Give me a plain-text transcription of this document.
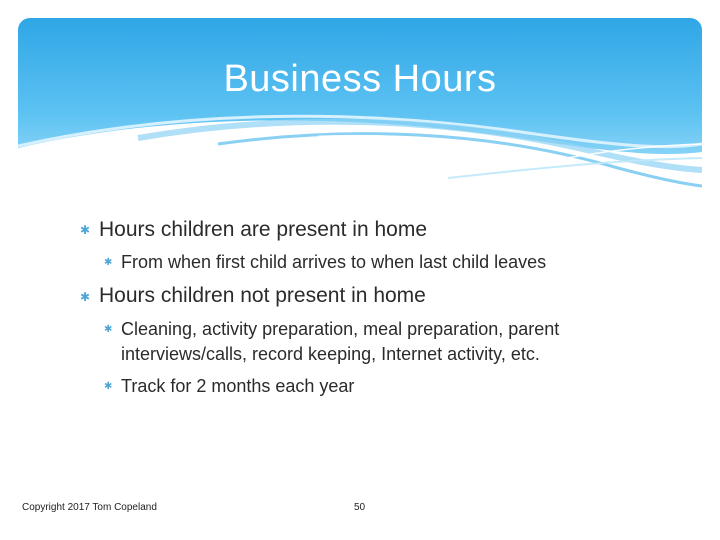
Business Hours
✱ Hours children are present in home
✱ From when first child arrives to when last child leaves
✱ Hours children not present in home
✱ Cleaning, activity preparation, meal preparation, parent
interviews/calls, record keeping, Internet activity, etc.
✱ Track for 2 months each year
Copyright 2017 Tom Copeland	50
